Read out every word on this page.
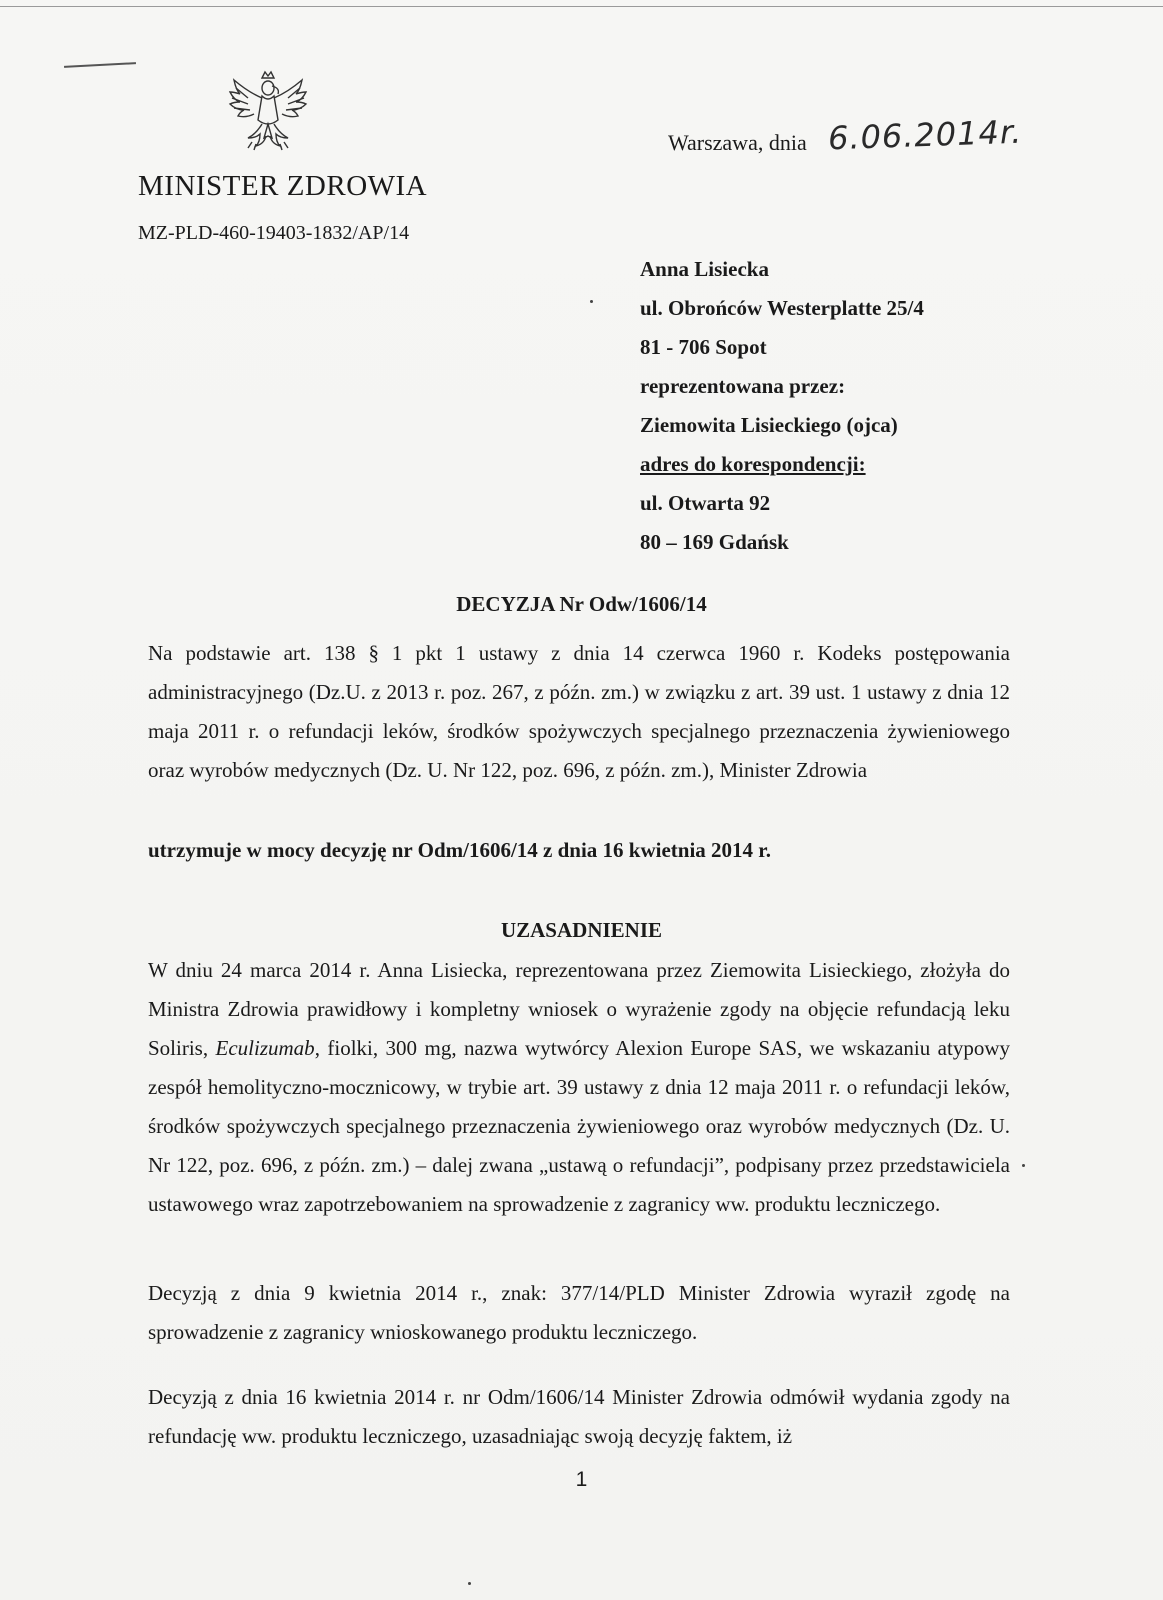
MINISTER ZDROWIA
MZ-PLD-460-19403-1832/AP/14
Warszawa, dnia 6.06.2014r.
Anna Lisiecka
ul. Obrońców Westerplatte 25/4
81 - 706 Sopot
reprezentowana przez:
Ziemowita Lisieckiego (ojca)
adres do korespondencji:
ul. Otwarta 92
80 – 169 Gdańsk
DECYZJA Nr Odw/1606/14
Na podstawie art. 138 § 1 pkt 1 ustawy z dnia 14 czerwca 1960 r. Kodeks postępowania administracyjnego (Dz.U. z 2013 r. poz. 267, z późn. zm.) w związku z art. 39 ust. 1 ustawy z dnia 12 maja 2011 r. o refundacji leków, środków spożywczych specjalnego przeznaczenia żywieniowego oraz wyrobów medycznych (Dz. U. Nr 122, poz. 696, z późn. zm.), Minister Zdrowia
utrzymuje w mocy decyzję nr Odm/1606/14 z dnia 16 kwietnia 2014 r.
UZASADNIENIE
W dniu 24 marca 2014 r. Anna Lisiecka, reprezentowana przez Ziemowita Lisieckiego, złożyła do Ministra Zdrowia prawidłowy i kompletny wniosek o wyrażenie zgody na objęcie refundacją leku Soliris, Eculizumab, fiolki, 300 mg, nazwa wytwórcy Alexion Europe SAS, we wskazaniu atypowy zespół hemolityczno-mocznicowy, w trybie art. 39 ustawy z dnia 12 maja 2011 r. o refundacji leków, środków spożywczych specjalnego przeznaczenia żywieniowego oraz wyrobów medycznych (Dz. U. Nr 122, poz. 696, z późn. zm.) – dalej zwana „ustawą o refundacji”, podpisany przez przedstawiciela ustawowego wraz zapotrzebowaniem na sprowadzenie z zagranicy ww. produktu leczniczego.
Decyzją z dnia 9 kwietnia 2014 r., znak: 377/14/PLD Minister Zdrowia wyraził zgodę na sprowadzenie z zagranicy wnioskowanego produktu leczniczego.
Decyzją z dnia 16 kwietnia 2014 r. nr Odm/1606/14 Minister Zdrowia odmówił wydania zgody na refundację ww. produktu leczniczego, uzasadniając swoją decyzję faktem, iż
1
